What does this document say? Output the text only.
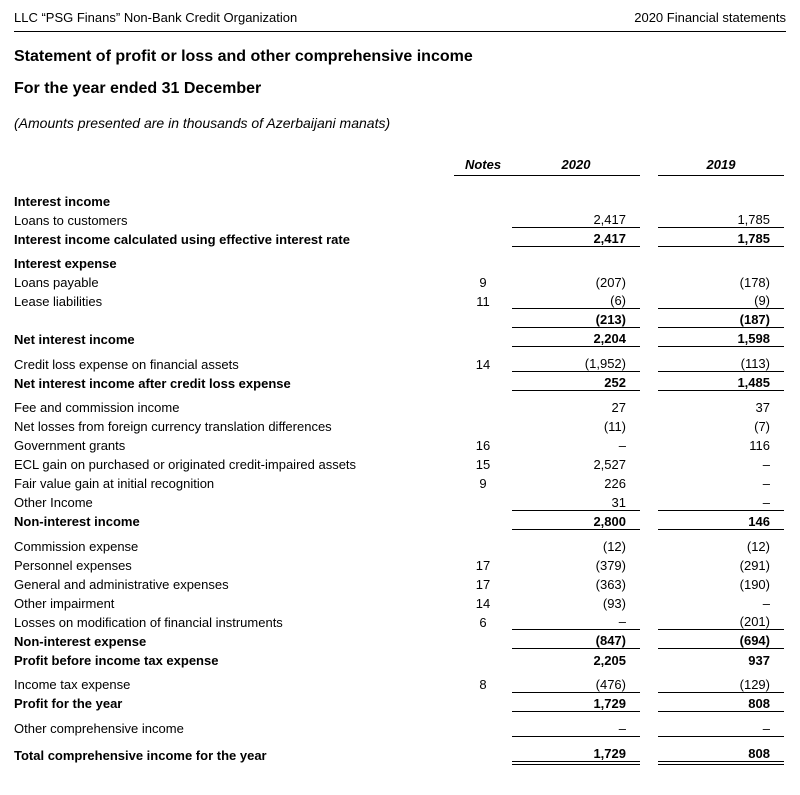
LLC “PSG Finans” Non-Bank Credit Organization	2020 Financial statements
Statement of profit or loss and other comprehensive income
For the year ended 31 December
(Amounts presented are in thousands of Azerbaijani manats)
	Notes	2020		2019

Interest income				
Loans to customers		2,417		1,785
Interest income calculated using effective interest rate		2,417		1,785
Interest expense				
Loans payable	9	(207)		(178)
Lease liabilities	11	(6)		(9)
		(213)		(187)
Net interest income		2,204		1,598
Credit loss expense on financial assets	14	(1,952)		(113)
Net interest income after credit loss expense		252		1,485
Fee and commission income		27		37
Net losses from foreign currency translation differences		(11)		(7)
Government grants	16	–		116
ECL gain on purchased or originated credit-impaired assets	15	2,527		–
Fair value gain at initial recognition	9	226		–
Other Income		31		–
Non-interest income		2,800		146
Commission expense		(12)		(12)
Personnel expenses	17	(379)		(291)
General and administrative expenses	17	(363)		(190)
Other impairment	14	(93)		–
Losses on modification of financial instruments	6	–		(201)
Non-interest expense		(847)		(694)
Profit before income tax expense		2,205		937
Income tax expense	8	(476)		(129)
Profit for the year		1,729		808
Other comprehensive income		–		–
Total comprehensive income for the year		1,729		808
